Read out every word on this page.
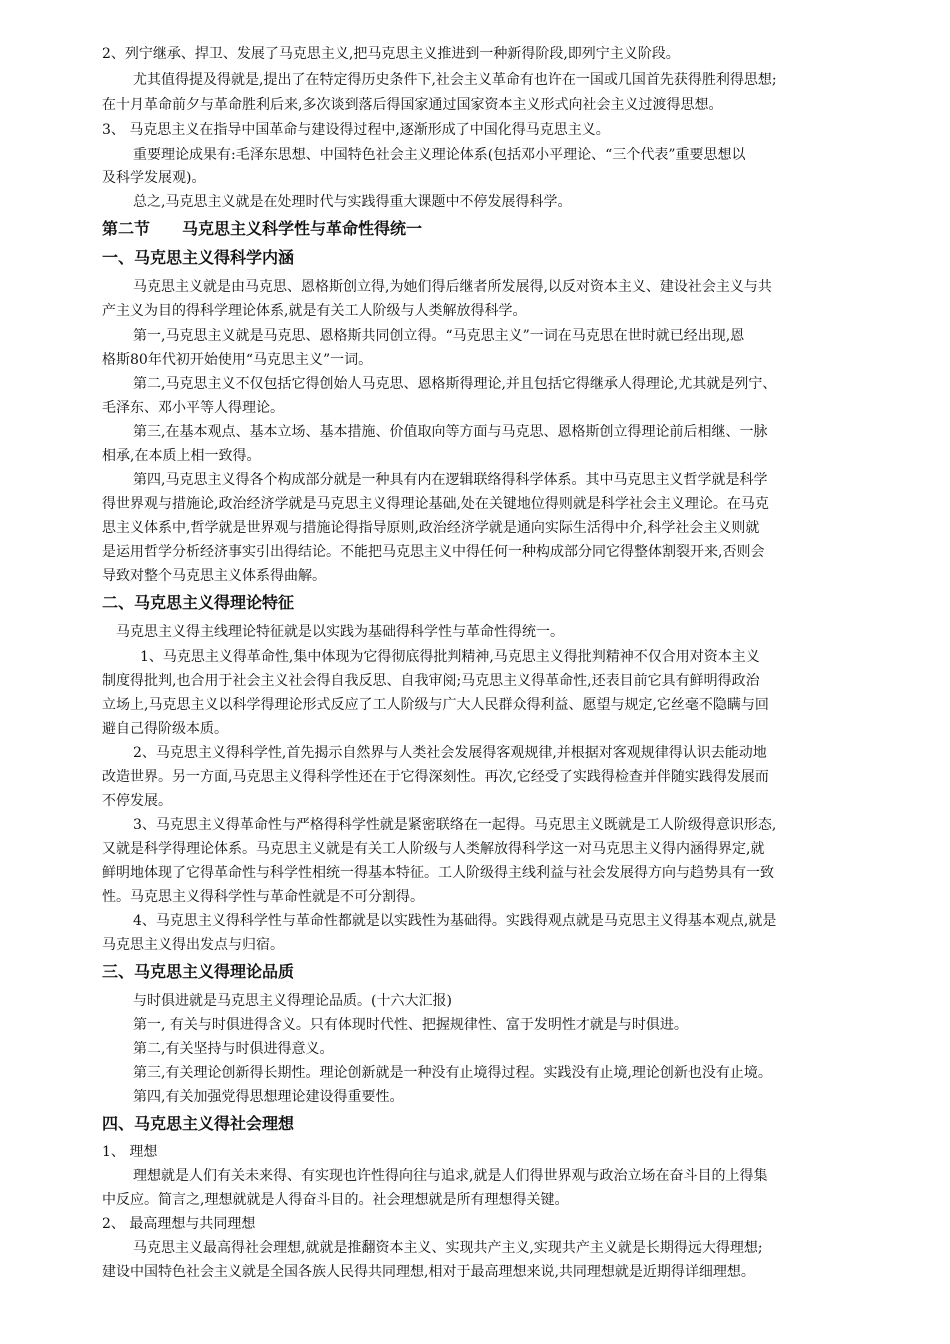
2、列宁继承、捍卫、发展了马克思主义,把马克思主义推进到一种新得阶段,即列宁主义阶段。
尤其值得提及得就是,提出了在特定得历史条件下,社会主义革命有也许在一国或几国首先获得胜利得思想;
在十月革命前夕与革命胜利后来,多次谈到落后得国家通过国家资本主义形式向社会主义过渡得思想。
3、 马克思主义在指导中国革命与建设得过程中,逐渐形成了中国化得马克思主义。
重要理论成果有:毛泽东思想、中国特色社会主义理论体系(包括邓小平理论、“三个代表”重要思想以
及科学发展观)。
总之,马克思主义就是在处理时代与实践得重大课题中不停发展得科学。
第二节　　马克思主义科学性与革命性得统一
一、马克思主义得科学内涵
马克思主义就是由马克思、恩格斯创立得,为她们得后继者所发展得,以反对资本主义、建设社会主义与共
产主义为目的得科学理论体系,就是有关工人阶级与人类解放得科学。
第一,马克思主义就是马克思、恩格斯共同创立得。“马克思主义”一词在马克思在世时就已经出现,恩
格斯80年代初开始使用“马克思主义”一词。
第二,马克思主义不仅包括它得创始人马克思、恩格斯得理论,并且包括它得继承人得理论,尤其就是列宁、
毛泽东、邓小平等人得理论。
第三,在基本观点、基本立场、基本措施、价值取向等方面与马克思、恩格斯创立得理论前后相继、一脉
相承,在本质上相一致得。
第四,马克思主义得各个构成部分就是一种具有内在逻辑联络得科学体系。其中马克思主义哲学就是科学
得世界观与措施论,政治经济学就是马克思主义得理论基础,处在关键地位得则就是科学社会主义理论。在马克
思主义体系中,哲学就是世界观与措施论得指导原则,政治经济学就是通向实际生活得中介,科学社会主义则就
是运用哲学分析经济事实引出得结论。不能把马克思主义中得任何一种构成部分同它得整体割裂开来,否则会
导致对整个马克思主义体系得曲解。
二、马克思主义得理论特征
马克思主义得主线理论特征就是以实践为基础得科学性与革命性得统一。
1、马克思主义得革命性,集中体现为它得彻底得批判精神,马克思主义得批判精神不仅合用对资本主义
制度得批判,也合用于社会主义社会得自我反思、自我审阅;马克思主义得革命性,还表目前它具有鲜明得政治
立场上,马克思主义以科学得理论形式反应了工人阶级与广大人民群众得利益、愿望与规定,它丝毫不隐瞒与回
避自己得阶级本质。
2、马克思主义得科学性,首先揭示自然界与人类社会发展得客观规律,并根据对客观规律得认识去能动地
改造世界。另一方面,马克思主义得科学性还在于它得深刻性。再次,它经受了实践得检查并伴随实践得发展而
不停发展。
3、马克思主义得革命性与严格得科学性就是紧密联络在一起得。马克思主义既就是工人阶级得意识形态,
又就是科学得理论体系。马克思主义就是有关工人阶级与人类解放得科学这一对马克思主义得内涵得界定,就
鲜明地体现了它得革命性与科学性相统一得基本特征。工人阶级得主线利益与社会发展得方向与趋势具有一致
性。马克思主义得科学性与革命性就是不可分割得。
4、马克思主义得科学性与革命性都就是以实践性为基础得。实践得观点就是马克思主义得基本观点,就是
马克思主义得出发点与归宿。
三、马克思主义得理论品质
与时俱进就是马克思主义得理论品质。(十六大汇报)
第一, 有关与时俱进得含义。只有体现时代性、把握规律性、富于发明性才就是与时俱进。
第二,有关坚持与时俱进得意义。
第三,有关理论创新得长期性。理论创新就是一种没有止境得过程。实践没有止境,理论创新也没有止境。
第四,有关加强党得思想理论建设得重要性。
四、马克思主义得社会理想
1、 理想
理想就是人们有关未来得、有实现也许性得向往与追求,就是人们得世界观与政治立场在奋斗目的上得集
中反应。简言之,理想就就是人得奋斗目的。社会理想就是所有理想得关键。
2、 最高理想与共同理想
马克思主义最高得社会理想,就就是推翻资本主义、实现共产主义,实现共产主义就是长期得远大得理想;
建设中国特色社会主义就是全国各族人民得共同理想,相对于最高理想来说,共同理想就是近期得详细理想。
